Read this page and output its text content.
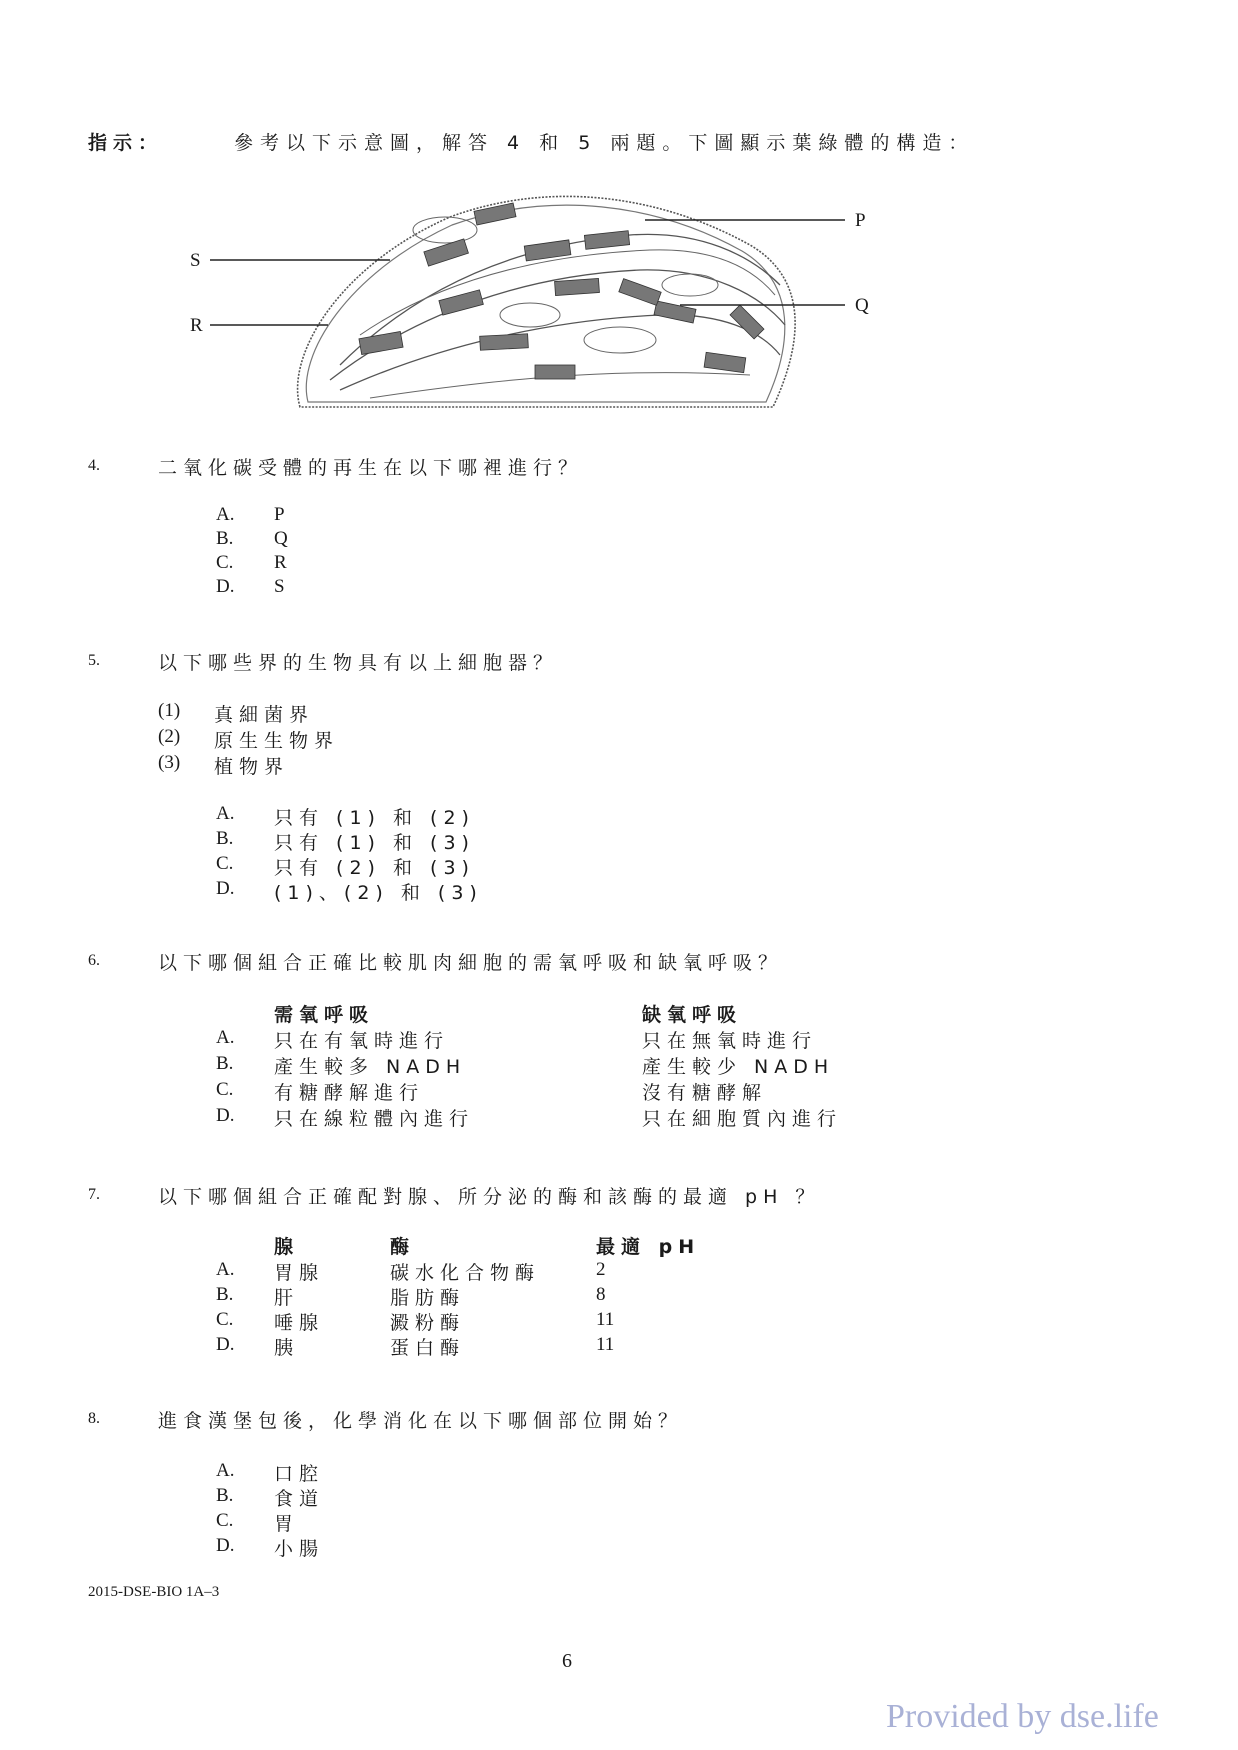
指示：	參考以下示意圖，解答 4 和 5 兩題。下圖顯示葉綠體的構造：
S
R
P
Q
4.	二氧化碳受體的再生在以下哪裡進行？
A. P
B. Q
C. R
D. S
5.	以下哪些界的生物具有以上細胞器？
(1) 真細菌界
(2) 原生生物界
(3) 植物界
A. 只有 (1) 和 (2)
B. 只有 (1) 和 (3)
C. 只有 (2) 和 (3)
D. (1)、(2) 和 (3)
6.	以下哪個組合正確比較肌肉細胞的需氧呼吸和缺氧呼吸？
需氧呼吸	缺氧呼吸
A. 只在有氧時進行	只在無氧時進行
B. 產生較多 NADH	產生較少 NADH
C. 有糖酵解進行	沒有糖酵解
D. 只在線粒體內進行	只在細胞質內進行
7.	以下哪個組合正確配對腺、所分泌的酶和該酶的最適 pH ？
腺	酶	最適 pH
A. 胃腺	碳水化合物酶	2
B. 肝	脂肪酶	8
C. 唾腺	澱粉酶	11
D. 胰	蛋白酶	11
8.	進食漢堡包後，化學消化在以下哪個部位開始？
A. 口腔
B. 食道
C. 胃
D. 小腸
2015-DSE-BIO 1A–3
6
Provided by dse.life
